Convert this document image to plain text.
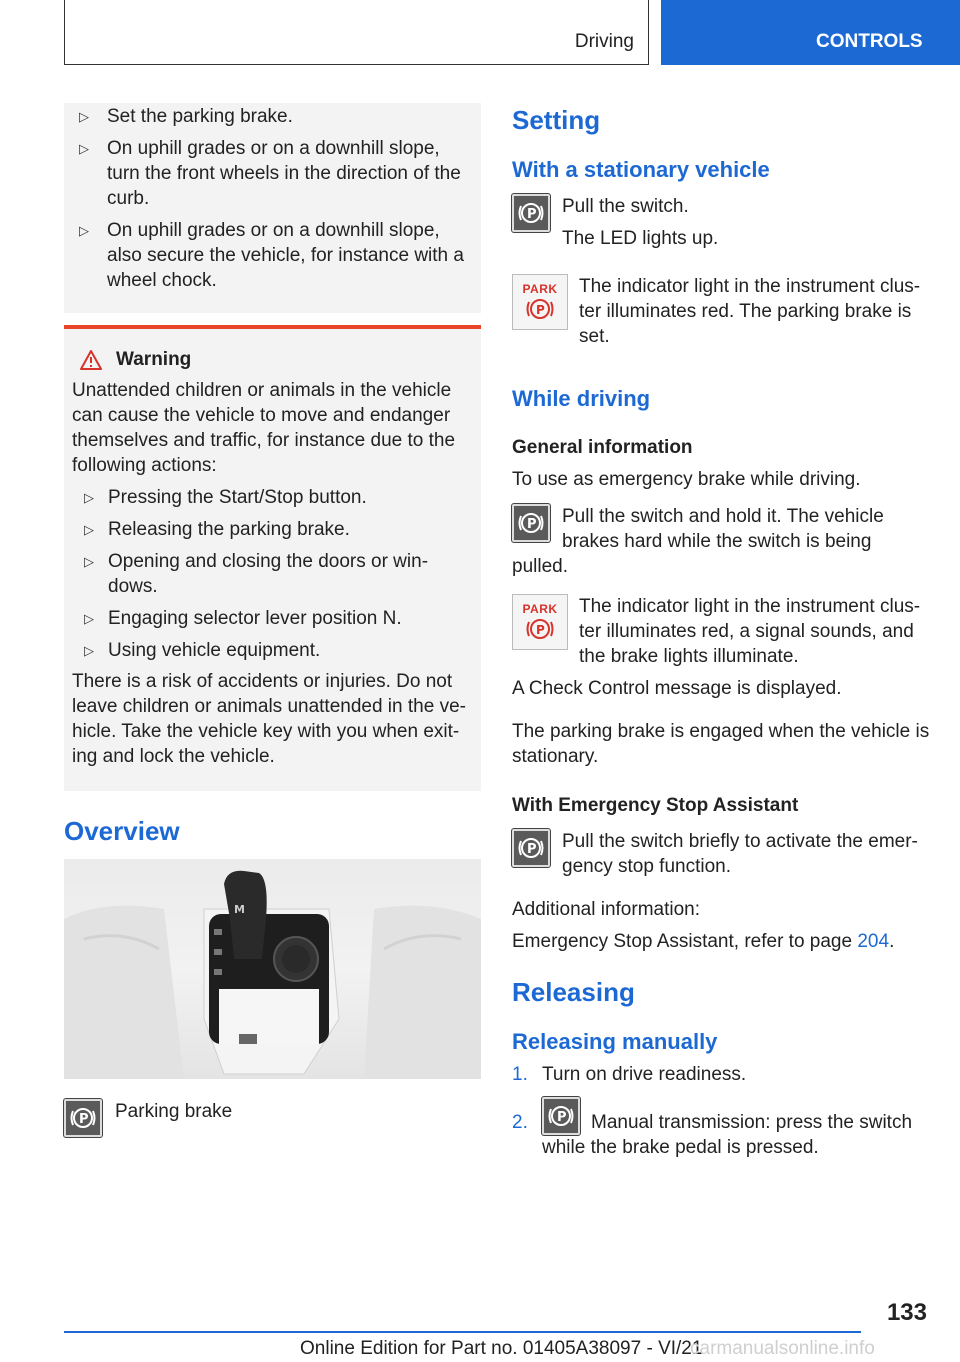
Driving	CONTROLS
▷ Set the parking brake.
▷ On uphill grades or on a downhill slope, turn the front wheels in the direction of the curb.
▷ On uphill grades or on a downhill slope, also secure the vehicle, for instance with a wheel chock.
Warning

Unattended children or animals in the vehicle can cause the vehicle to move and endanger themselves and traffic, for instance due to the following actions:

▷ Pressing the Start/Stop button.
▷ Releasing the parking brake.
▷ Opening and closing the doors or win-dows.
▷ Engaging selector lever position N.
▷ Using vehicle equipment.

There is a risk of accidents or injuries. Do not leave children or animals unattended in the ve-hicle. Take the vehicle key with you when exit-ing and lock the vehicle.

Overview
M
P	Parking brake
Setting
With a stationary vehicle
P Pull the switch.

The LED lights up.

PARK
P

The indicator light in the instrument clus-ter illuminates red. The parking brake is set.

While driving
General information

To use as emergency brake while driving.

P	Pull the switch and hold it. The vehicle brakes hard while the switch is being

pulled.

PARK
P

The indicator light in the instrument clus-ter illuminates red, a signal sounds, and the brake lights illuminate.

A Check Control message is displayed.

The parking brake is engaged when the vehicle is stationary.

With Emergency Stop Assistant
P	Pull the switch briefly to activate the emer-gency stop function.

Additional information:

Emergency Stop Assistant, refer to page 204.

Releasing
Releasing manually
1. Turn on drive readiness.
2.	P	Manual transmission: press the switch

while the brake pedal is pressed.

133
Online Edition for Part no. 01405A38097 - VI/21
carmanualsonline.info
